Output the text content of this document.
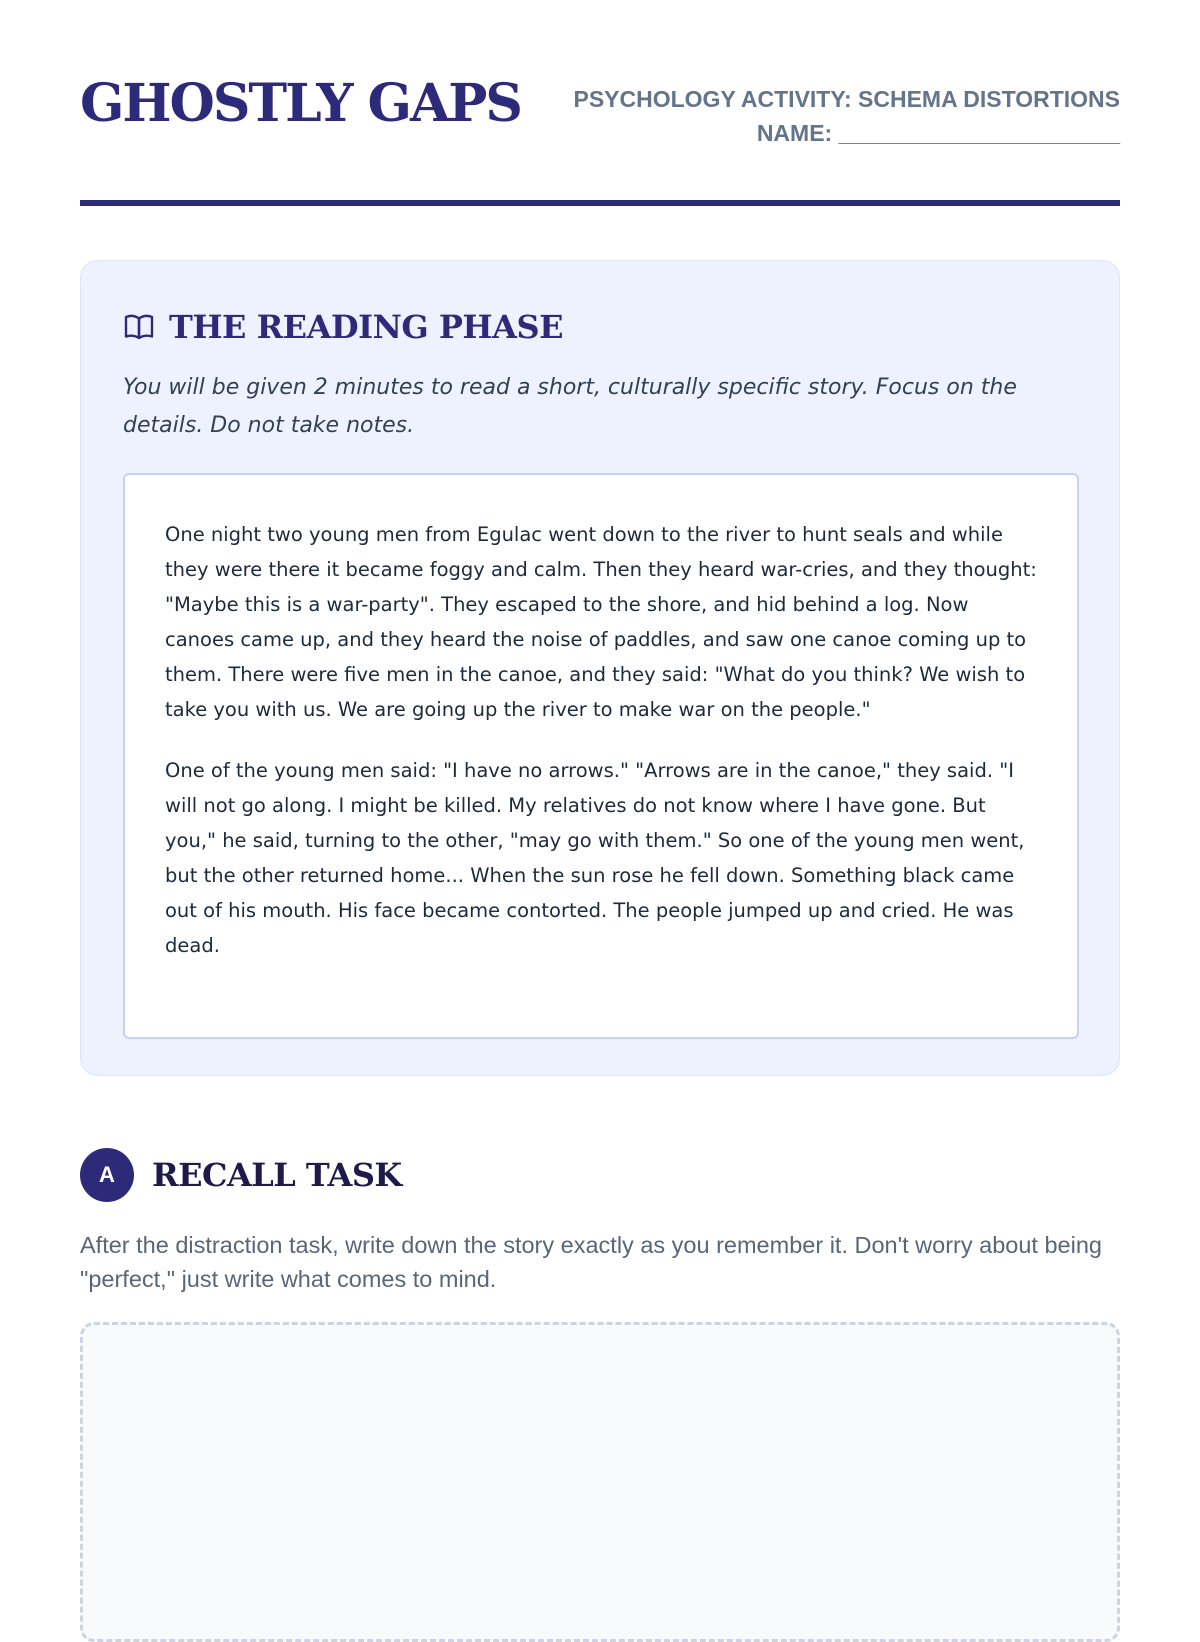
GHOSTLY GAPS PSYCHOLOGY ACTIVITY: SCHEMA DISTORTIONS
NAME: ______________________
THE READING PHASE

You will be given 2 minutes to read a short, culturally specific story. Focus on the details. Do not take notes.

One night two young men from Egulac went down to the river to hunt seals and while they were there it became foggy and calm. Then they heard war-cries, and they thought: "Maybe this is a war-party". They escaped to the shore, and hid behind a log. Now canoes came up, and they heard the noise of paddles, and saw one canoe coming up to them. There were five men in the canoe, and they said: "What do you think? We wish to take you with us. We are going up the river to make war on the people."

One of the young men said: "I have no arrows." "Arrows are in the canoe," they said. "I will not go along. I might be killed. My relatives do not know where I have gone. But you," he said, turning to the other, "may go with them." So one of the young men went, but the other returned home... When the sun rose he fell down. Something black came out of his mouth. His face became contorted. The people jumped up and cried. He was dead.

A	RECALL TASK

After the distraction task, write down the story exactly as you remember it. Don't worry about being "perfect," just write what comes to mind.
